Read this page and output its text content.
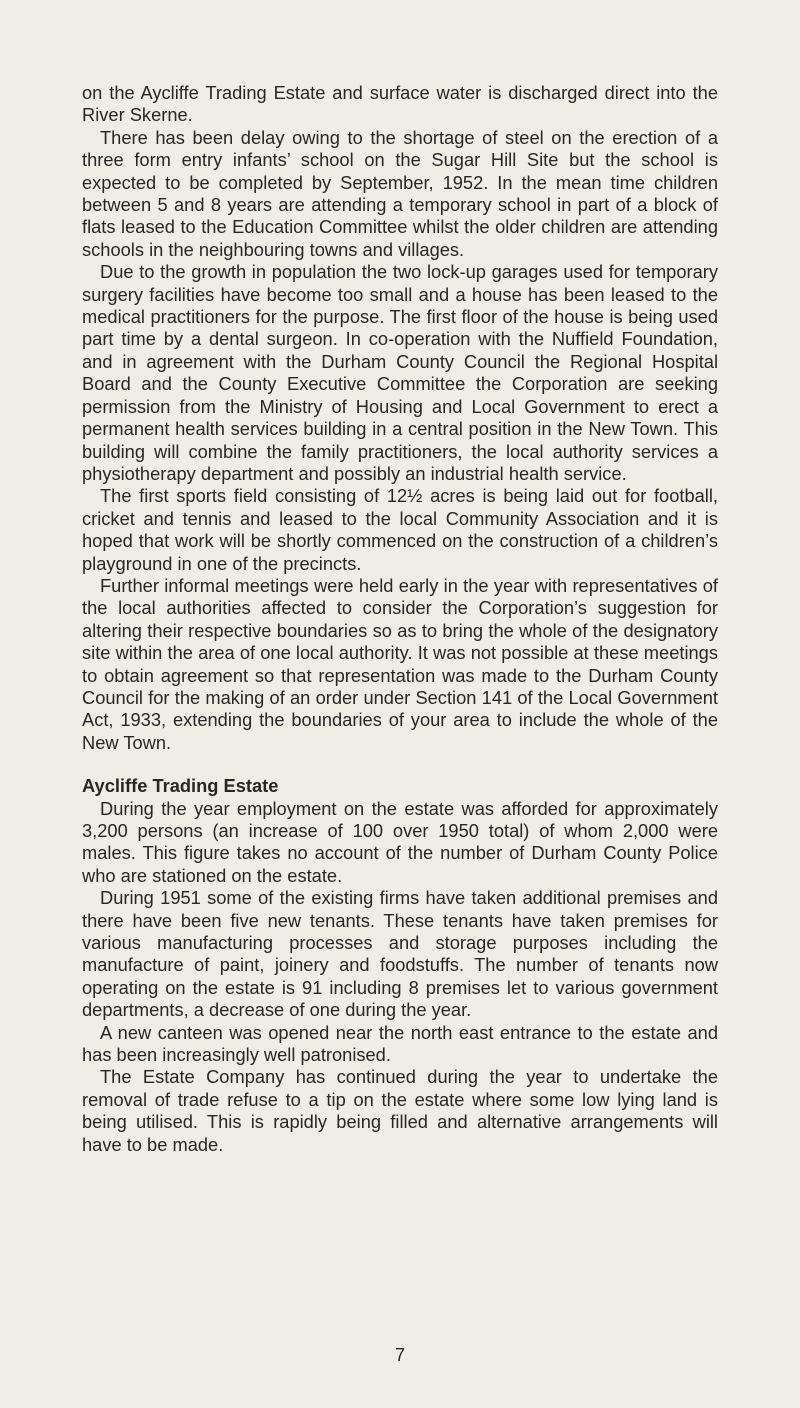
on the Aycliffe Trading Estate and surface water is discharged direct into the River Skerne.

There has been delay owing to the shortage of steel on the erection of a three form entry infants’ school on the Sugar Hill Site but the school is expected to be completed by September, 1952. In the mean time children between 5 and 8 years are attending a temporary school in part of a block of flats leased to the Education Committee whilst the older children are attending schools in the neighbouring towns and villages.

Due to the growth in population the two lock-up garages used for temporary surgery facilities have become too small and a house has been leased to the medical practitioners for the purpose. The first floor of the house is being used part time by a dental surgeon. In co-operation with the Nuffield Foundation, and in agreement with the Durham County Council the Regional Hospital Board and the County Executive Committee the Corporation are seeking permission from the Ministry of Housing and Local Government to erect a permanent health services building in a central position in the New Town. This building will combine the family practitioners, the local authority services a physiotherapy department and possibly an industrial health service.

The first sports field consisting of 12½ acres is being laid out for football, cricket and tennis and leased to the local Community Association and it is hoped that work will be shortly commenced on the construction of a children’s playground in one of the precincts.

Further informal meetings were held early in the year with representatives of the local authorities affected to consider the Corporation’s suggestion for altering their respective boundaries so as to bring the whole of the designatory site within the area of one local authority. It was not possible at these meetings to obtain agreement so that representation was made to the Durham County Council for the making of an order under Section 141 of the Local Government Act, 1933, extending the boundaries of your area to include the whole of the New Town.

Aycliffe Trading Estate

During the year employment on the estate was afforded for approximately 3,200 persons (an increase of 100 over 1950 total) of whom 2,000 were males. This figure takes no account of the number of Durham County Police who are stationed on the estate.

During 1951 some of the existing firms have taken additional premises and there have been five new tenants. These tenants have taken premises for various manufacturing processes and storage purposes including the manufacture of paint, joinery and foodstuffs. The number of tenants now operating on the estate is 91 including 8 premises let to various government departments, a decrease of one during the year.

A new canteen was opened near the north east entrance to the estate and has been increasingly well patronised.

The Estate Company has continued during the year to undertake the removal of trade refuse to a tip on the estate where some low lying land is being utilised. This is rapidly being filled and alternative arrangements will have to be made.

7
